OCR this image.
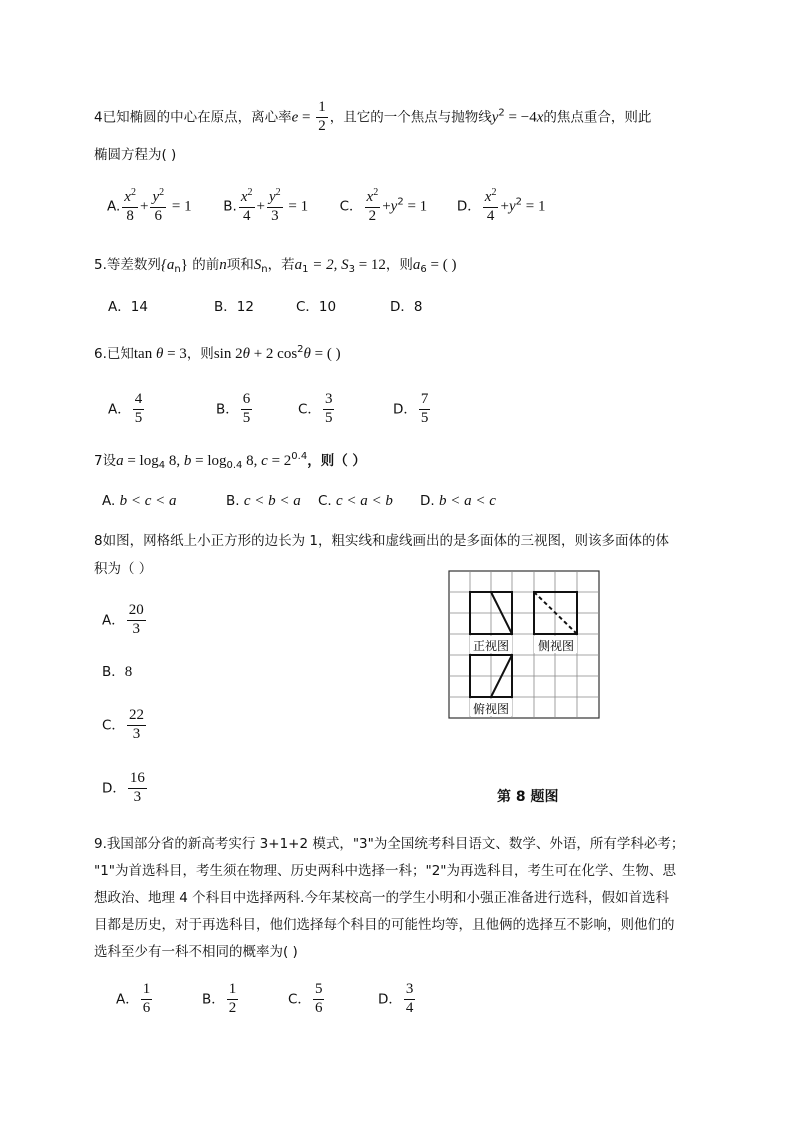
4已知椭圆的中心在原点，离心率$e = \frac{1}{2}$ ，且它的一个焦点与抛物线$y^2 = -4x$的焦点重合，则此
椭圆方程为( )
A. $\frac{x^2}{8} + \frac{y^2}{6} = 1$ B. $\frac{x^2}{4} + \frac{y^2}{3} = 1$ C． $\frac{x^2}{2} +y^2 = 1$ D． $\frac{x^2}{4} +y^2 = 1$
5.等差数列$\{a_n\}$ 的前n项和$S_n$，若$a_1 = 2$, $S_3 = 12$，则$a_6$ = ( )
A．14	B．12	C．10	D．8
6.已知tan θ = 3，则sin 2θ + 2 $\cos^2\theta$ = ( )
A． $\frac{4}{5}$	B． $\frac{6}{5}$	C． $\frac{3}{5}$	D． $\frac{7}{5}$
7设$a = \log_4 8$, $b = \log_{0.4} 8$, $c = 2^{0.4}$，则（ ）
A. b < c < a	B. c < b < a C. c < a < b D. b < a < c
8如图，网格纸上小正方形的边长为 1，粗实线和虚线画出的是多面体的三视图，则该多面体的体
积为（ ）
A． $\frac{20}{3}$
B．8
C． $\frac{22}{3}$
D． $\frac{16}{3}$
正视图 侧视图
俯视图
第 8 题图
9.我国部分省的新高考实行 3+1+2 模式，"3"为全国统考科目语文、数学、外语，所有学科必考；
"1"为首选科目，考生须在物理、历史两科中选择一科；"2"为再选科目，考生可在化学、生物、思
想政治、地理 4 个科目中选择两科.今年某校高一的学生小明和小强正准备进行选科，假如首选科
目都是历史，对于再选科目，他们选择每个科目的可能性均等，且他俩的选择互不影响，则他们的
选科至少有一科不相同的概率为( )
A． $\frac{1}{6}$	B． $\frac{1}{2}$	C． $\frac{5}{6}$	D． $\frac{3}{4}$
